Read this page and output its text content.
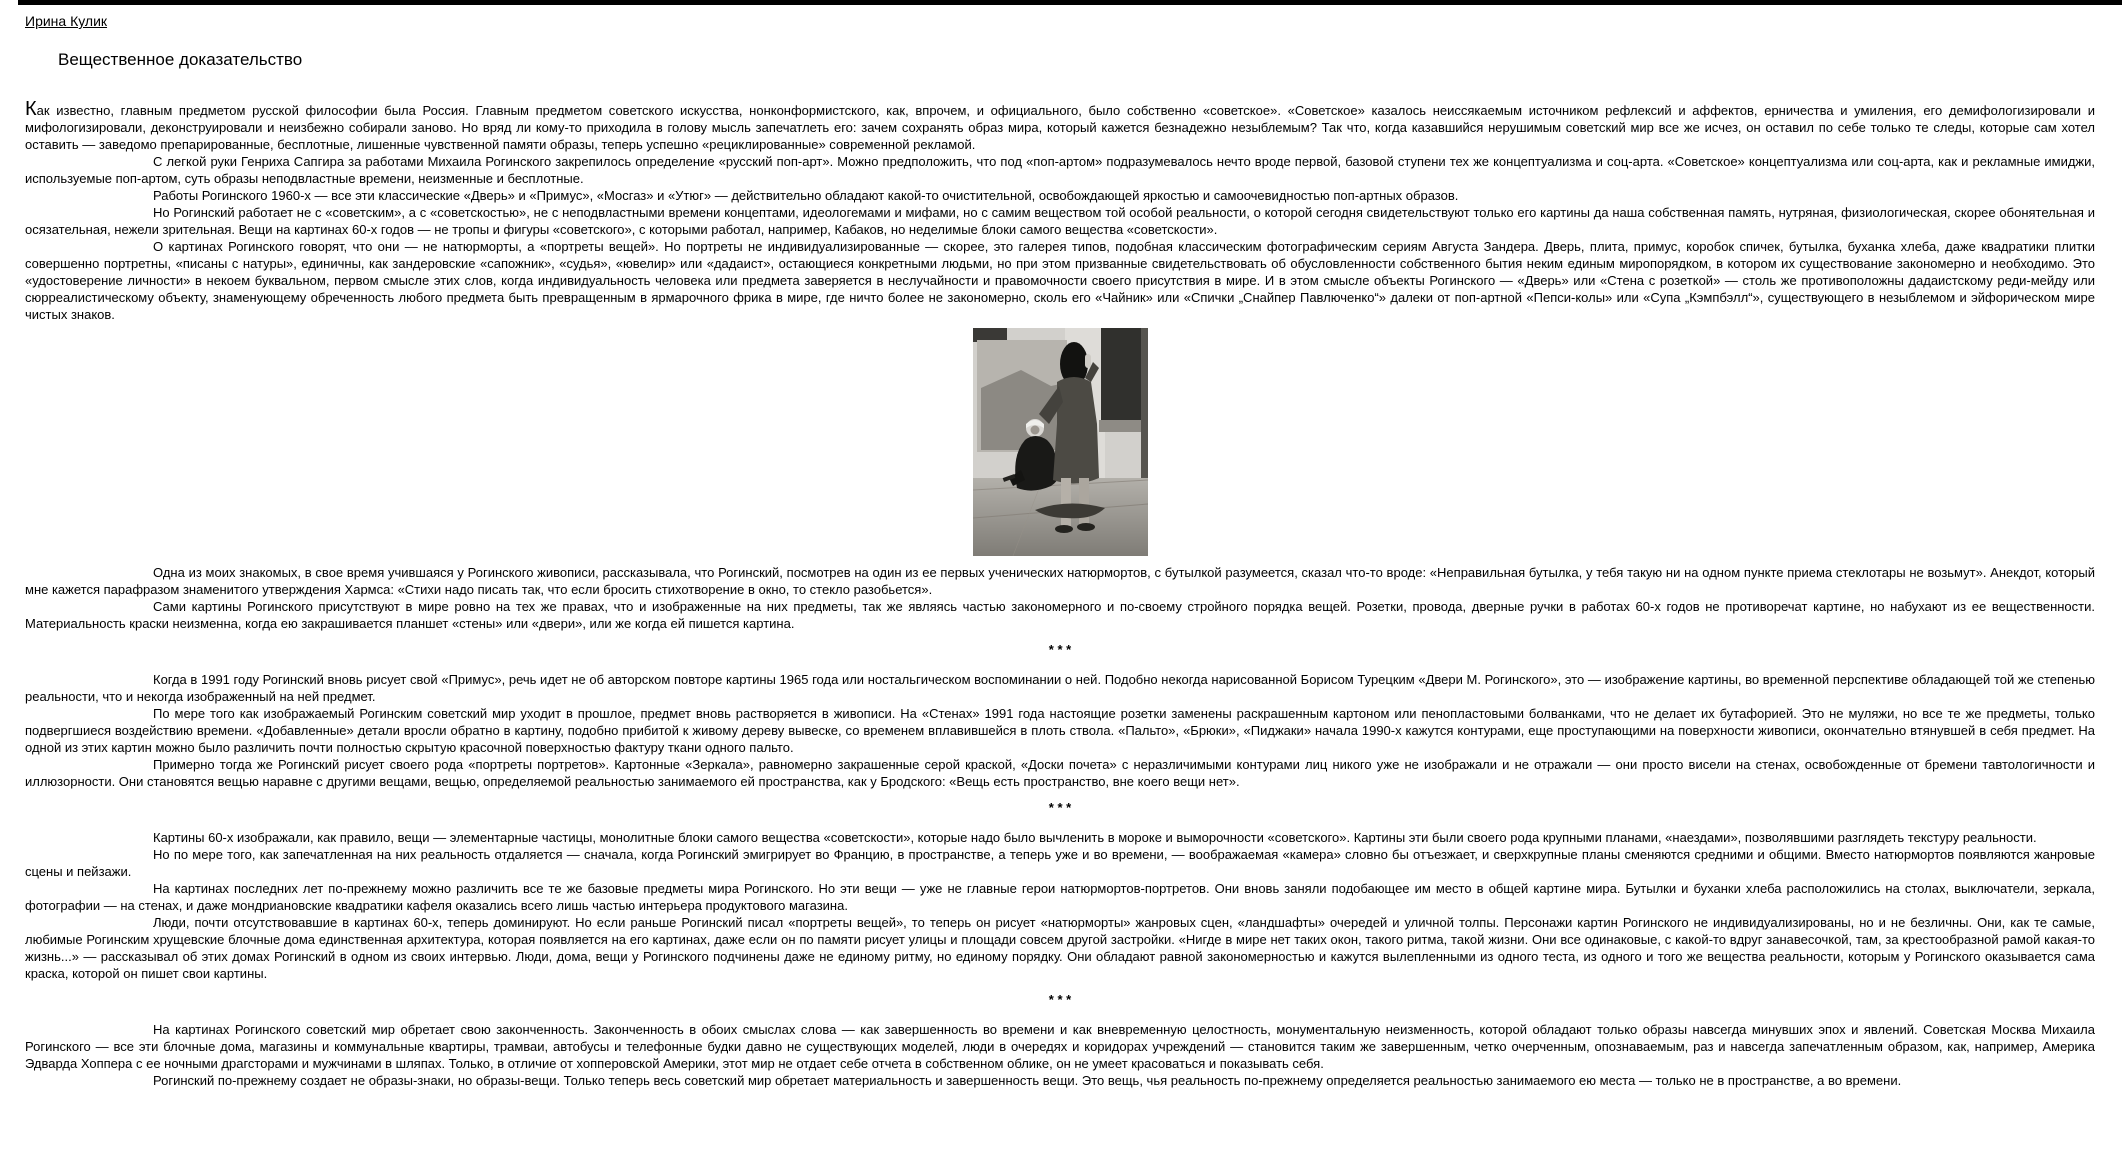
Ирина Кулик
Вещественное доказательство

Как известно, главным предметом русской философии была Россия. Главным предметом советского искусства, нонконформистского, как, впрочем, и официального, было собственно «советское». «Советское» казалось неиссякаемым источником рефлексий и аффектов, ерничества и умиления, его демифологизировали и мифологизировали, деконструировали и неизбежно собирали заново. Но вряд ли кому-то приходила в голову мысль запечатлеть его: зачем сохранять образ мира, который кажется безнадежно незыблемым? Так что, когда казавшийся нерушимым советский мир все же исчез, он оставил по себе только те следы, которые сам хотел оставить — заведомо препарированные, бесплотные, лишенные чувственной памяти образы, теперь успешно «рециклированные» современной рекламой.

С легкой руки Генриха Сапгира за работами Михаила Рогинского закрепилось определение «русский поп-арт». Можно предположить, что под «поп-артом» подразумевалось нечто вроде первой, базовой ступени тех же концептуализма и соц-арта. «Советское» концептуализма или соц-арта, как и рекламные имиджи, используемые поп-артом, суть образы неподвластные времени, неизменные и бесплотные.

Работы Рогинского 1960-х — все эти классические «Дверь» и «Примус», «Мосгаз» и «Утюг» — действительно обладают какой-то очистительной, освобождающей яркостью и самоочевидностью поп-артных образов.

Но Рогинский работает не с «советским», а с «советскостью», не с неподвластными времени концептами, идеологемами и мифами, но с самим веществом той особой реальности, о которой сегодня свидетельствуют только его картины да наша собственная память, нутряная, физиологическая, скорее обонятельная и осязательная, нежели зрительная. Вещи на картинах 60-х годов — не тропы и фигуры «советского», с которыми работал, например, Кабаков, но неделимые блоки самого вещества «советскости».

О картинах Рогинского говорят, что они — не натюрморты, а «портреты вещей». Но портреты не индивидуализированные — скорее, это галерея типов, подобная классическим фотографическим сериям Августа Зандера. Дверь, плита, примус, коробок спичек, бутылка, буханка хлеба, даже квадратики плитки совершенно портретны, «писаны с натуры», единичны, как зандеровские «сапожник», «судья», «ювелир» или «дадаист», остающиеся конкретными людьми, но при этом призванные свидетельствовать об обусловленности собственного бытия неким единым миропорядком, в котором их существование закономерно и необходимо. Это «удостоверение личности» в некоем буквальном, первом смысле этих слов, когда индивидуальность человека или предмета заверяется в неслучайности и правомочности своего присутствия в мире. И в этом смысле объекты Рогинского — «Дверь» или «Стена с розеткой» — столь же противоположны дадаистскому реди-мейду или сюрреалистическому объекту, знаменующему обреченность любого предмета быть превращенным в ярмарочного фрика в мире, где ничто более не закономерно, сколь его «Чайник» или «Спички „Снайпер Павлюченко“» далеки от поп-артной «Пепси-колы» или «Супа „Кэмпбэлл“», существующего в незыблемом и эйфорическом мире чистых знаков.

Одна из моих знакомых, в свое время учившаяся у Рогинского живописи, рассказывала, что Рогинский, посмотрев на один из ее первых ученических натюрмортов, с бутылкой разумеется, сказал что-то вроде: «Неправильная бутылка, у тебя такую ни на одном пункте приема стеклотары не возьмут». Анекдот, который мне кажется парафразом знаменитого утверждения Хармса: «Стихи надо писать так, что если бросить стихотворение в окно, то стекло разобьется».

Сами картины Рогинского присутствуют в мире ровно на тех же правах, что и изображенные на них предметы, так же являясь частью закономерного и по-своему стройного порядка вещей. Розетки, провода, дверные ручки в работах 60-х годов не противоречат картине, но набухают из ее вещественности. Материальность краски неизменна, когда ею закрашивается планшет «стены» или «двери», или же когда ей пишется картина.

* * *

Когда в 1991 году Рогинский вновь рисует свой «Примус», речь идет не об авторском повторе картины 1965 года или ностальгическом воспоминании о ней. Подобно некогда нарисованной Борисом Турецким «Двери М. Рогинского», это — изображение картины, во временной перспективе обладающей той же степенью реальности, что и некогда изображенный на ней предмет.

По мере того как изображаемый Рогинским советский мир уходит в прошлое, предмет вновь растворяется в живописи. На «Стенах» 1991 года настоящие розетки заменены раскрашенным картоном или пенопластовыми болванками, что не делает их бутафорией. Это не муляжи, но все те же предметы, только подвергшиеся воздействию времени. «Добавленные» детали вросли обратно в картину, подобно прибитой к живому дереву вывеске, со временем вплавившейся в плоть ствола. «Пальто», «Брюки», «Пиджаки» начала 1990-х кажутся контурами, еще проступающими на поверхности живописи, окончательно втянувшей в себя предмет. На одной из этих картин можно было различить почти полностью скрытую красочной поверхностью фактуру ткани одного пальто.

Примерно тогда же Рогинский рисует своего рода «портреты портретов». Картонные «Зеркала», равномерно закрашенные серой краской, «Доски почета» с неразличимыми контурами лиц никого уже не изображали и не отражали — они просто висели на стенах, освобожденные от бремени тавтологичности и иллюзорности. Они становятся вещью наравне с другими вещами, вещью, определяемой реальностью занимаемого ей пространства, как у Бродского: «Вещь есть пространство, вне коего вещи нет».

* * *

Картины 60-х изображали, как правило, вещи — элементарные частицы, монолитные блоки самого вещества «советскости», которые надо было вычленить в мороке и выморочности «советского». Картины эти были своего рода крупными планами, «наездами», позволявшими разглядеть текстуру реальности.

Но по мере того, как запечатленная на них реальность отдаляется — сначала, когда Рогинский эмигрирует во Францию, в пространстве, а теперь уже и во времени, — воображаемая «камера» словно бы отъезжает, и сверхкрупные планы сменяются средними и общими. Вместо натюрмортов появляются жанровые сцены и пейзажи.

На картинах последних лет по-прежнему можно различить все те же базовые предметы мира Рогинского. Но эти вещи — уже не главные герои натюрмортов-портретов. Они вновь заняли подобающее им место в общей картине мира. Бутылки и буханки хлеба расположились на столах, выключатели, зеркала, фотографии — на стенах, и даже мондриановские квадратики кафеля оказались всего лишь частью интерьера продуктового магазина.

Люди, почти отсутствовавшие в картинах 60-х, теперь доминируют. Но если раньше Рогинский писал «портреты вещей», то теперь он рисует «натюрморты» жанровых сцен, «ландшафты» очередей и уличной толпы. Персонажи картин Рогинского не индивидуализированы, но и не безличны. Они, как те самые, любимые Рогинским хрущевские блочные дома единственная архитектура, которая появляется на его картинах, даже если он по памяти рисует улицы и площади совсем другой застройки. «Нигде в мире нет таких окон, такого ритма, такой жизни. Они все одинаковые, с какой-то вдруг занавесочкой, там, за крестообразной рамой какая-то жизнь...» — рассказывал об этих домах Рогинский в одном из своих интервью. Люди, дома, вещи у Рогинского подчинены даже не единому ритму, но единому порядку. Они обладают равной закономерностью и кажутся вылепленными из одного теста, из одного и того же вещества реальности, которым у Рогинского оказывается сама краска, которой он пишет свои картины.

* * *

На картинах Рогинского советский мир обретает свою законченность. Законченность в обоих смыслах слова — как завершенность во времени и как вневременную целостность, монументальную неизменность, которой обладают только образы навсегда минувших эпох и явлений. Советская Москва Михаила Рогинского — все эти блочные дома, магазины и коммунальные квартиры, трамваи, автобусы и телефонные будки давно не существующих моделей, люди в очередях и коридорах учреждений — становится таким же завершенным, четко очерченным, опознаваемым, раз и навсегда запечатленным образом, как, например, Америка Эдварда Хоппера с ее ночными драгсторами и мужчинами в шляпах. Только, в отличие от хопперовской Америки, этот мир не отдает себе отчета в собственном облике, он не умеет красоваться и показывать себя.

Рогинский по-прежнему создает не образы-знаки, но образы-вещи. Только теперь весь советский мир обретает материальность и завершенность вещи. Это вещь, чья реальность по-прежнему определяется реальностью занимаемого ею места — только не в пространстве, а во времени.
